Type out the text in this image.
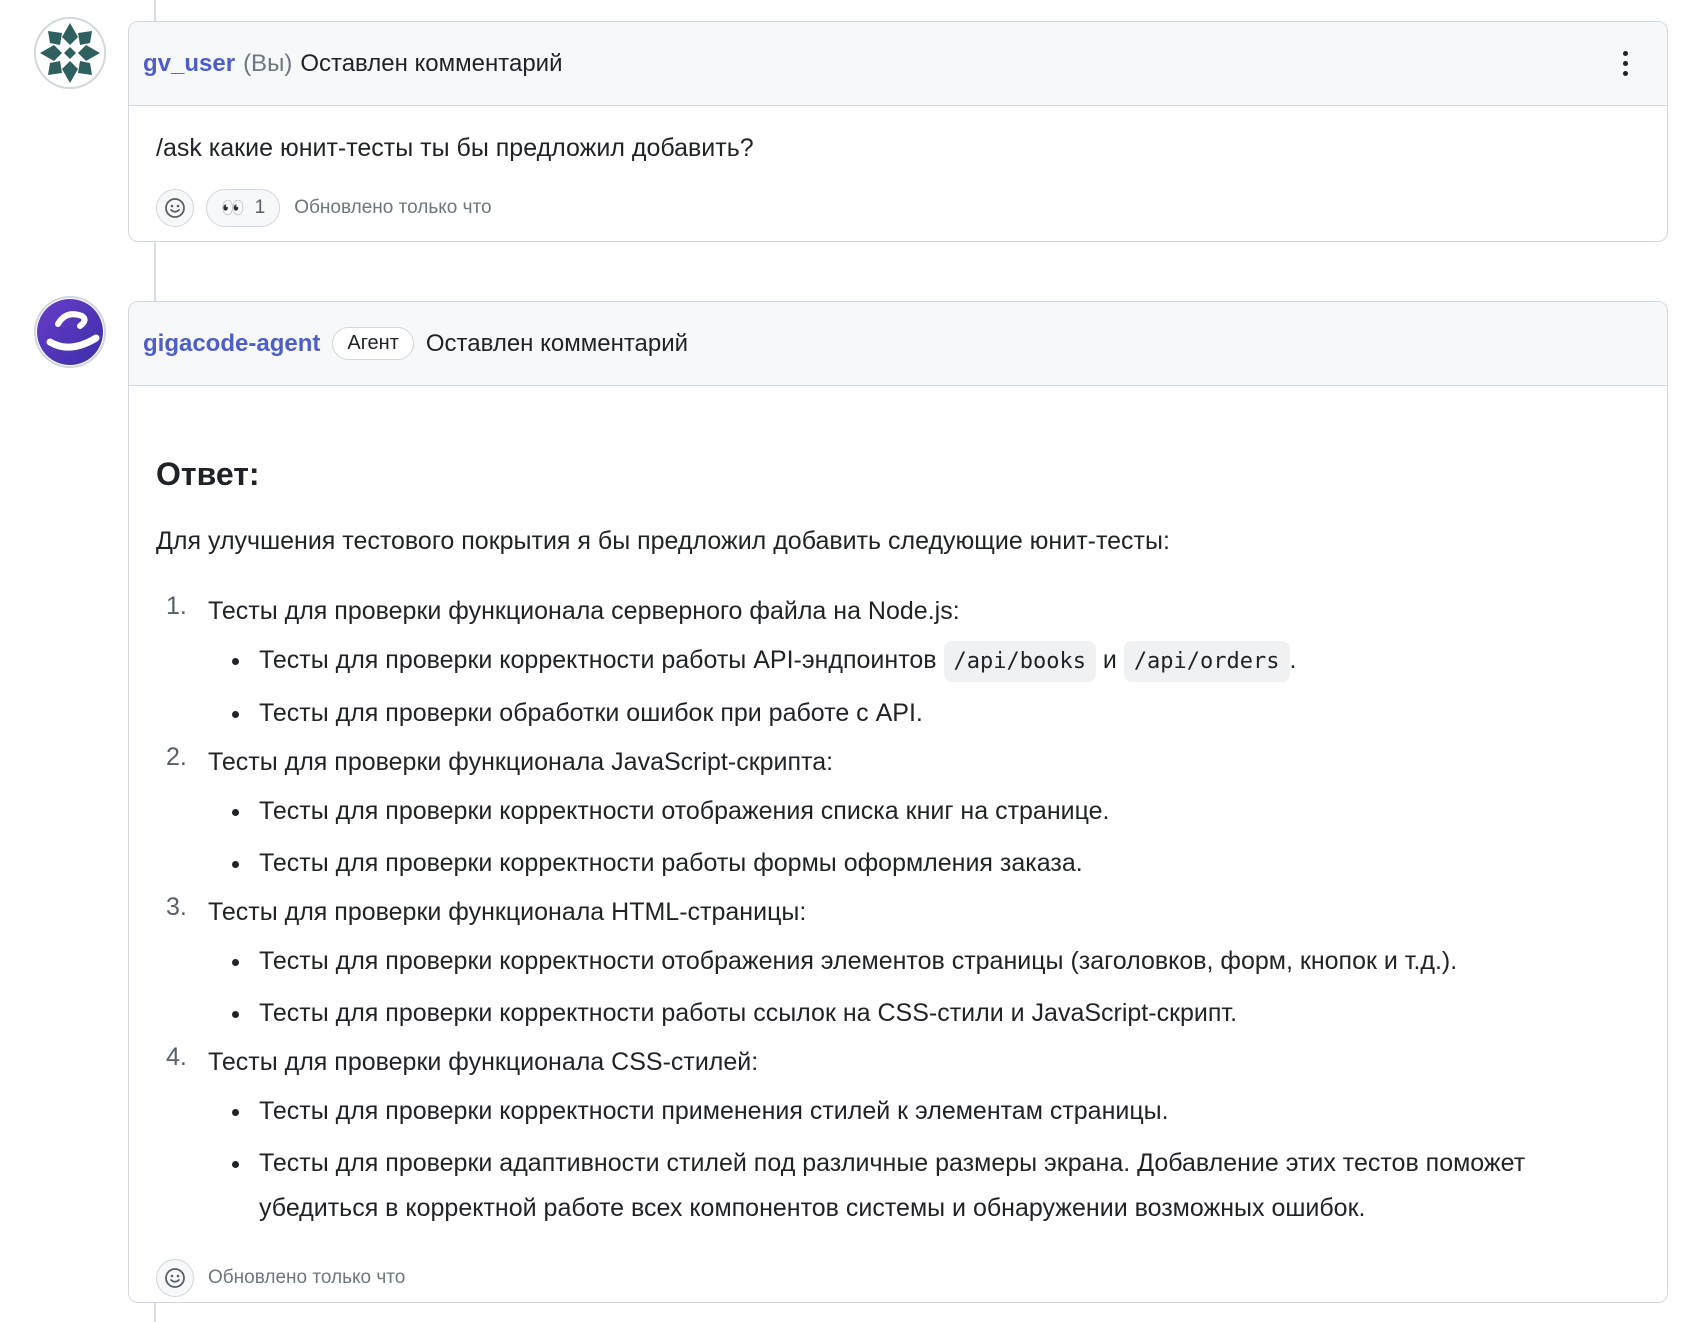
gv_user (Вы) Оставлен комментарий
/ask какие юнит-тесты ты бы предложил добавить?
👀 1 Обновлено только что
gigacode-agent	Агент	Оставлен комментарий
Ответ:
Для улучшения тестового покрытия я бы предложил добавить следующие юнит-тесты:
1. Тесты для проверки функционала серверного файла на Node.js:
Тесты для проверки корректности работы API-эндпоинтов /api/books и /api/orders .
Тесты для проверки обработки ошибок при работе с API.
2. Тесты для проверки функционала JavaScript-скрипта:
Тесты для проверки корректности отображения списка книг на странице.
Тесты для проверки корректности работы формы оформления заказа.
3. Тесты для проверки функционала HTML-страницы:
Тесты для проверки корректности отображения элементов страницы (заголовков, форм, кнопок и т.д.).
Тесты для проверки корректности работы ссылок на CSS-стили и JavaScript-скрипт.
4. Тесты для проверки функционала CSS-стилей:
Тесты для проверки корректности применения стилей к элементам страницы.
Тесты для проверки адаптивности стилей под различные размеры экрана. Добавление этих тестов поможет убедиться в корректной работе всех компонентов системы и обнаружении возможных ошибок.
Обновлено только что
